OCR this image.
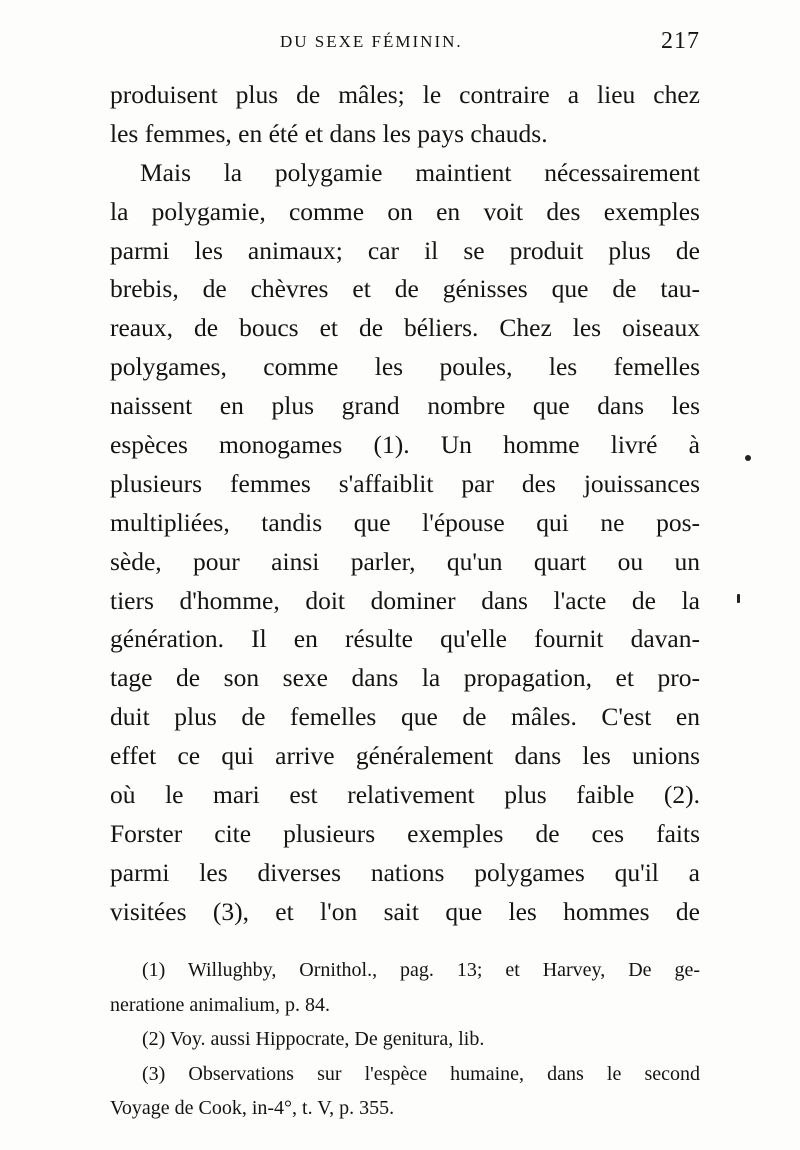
DU SEXE FÉMININ.	217
produisent plus de mâles; le contraire a lieu chez
les femmes, en été et dans les pays chauds.
Mais la polygamie maintient nécessairement
la polygamie, comme on en voit des exemples
parmi les animaux; car il se produit plus de
brebis, de chèvres et de génisses que de tau-
reaux, de boucs et de béliers. Chez les oiseaux
polygames, comme les poules, les femelles
naissent en plus grand nombre que dans les
espèces monogames (1). Un homme livré à
plusieurs femmes s'affaiblit par des jouissances
multipliées, tandis que l'épouse qui ne pos-
sède, pour ainsi parler, qu'un quart ou un
tiers d'homme, doit dominer dans l'acte de la
génération. Il en résulte qu'elle fournit davan-
tage de son sexe dans la propagation, et pro-
duit plus de femelles que de mâles. C'est en
effet ce qui arrive généralement dans les unions
où le mari est relativement plus faible (2).
Forster cite plusieurs exemples de ces faits
parmi les diverses nations polygames qu'il a
visitées (3), et l'on sait que les hommes de
(1) Willughby, Ornithol., pag. 13; et Harvey, De ge-
neratione animalium, p. 84.
(2) Voy. aussi Hippocrate, De genitura, lib.
(3) Observations sur l'espèce humaine, dans le second
Voyage de Cook, in-4°, t. V, p. 355.
